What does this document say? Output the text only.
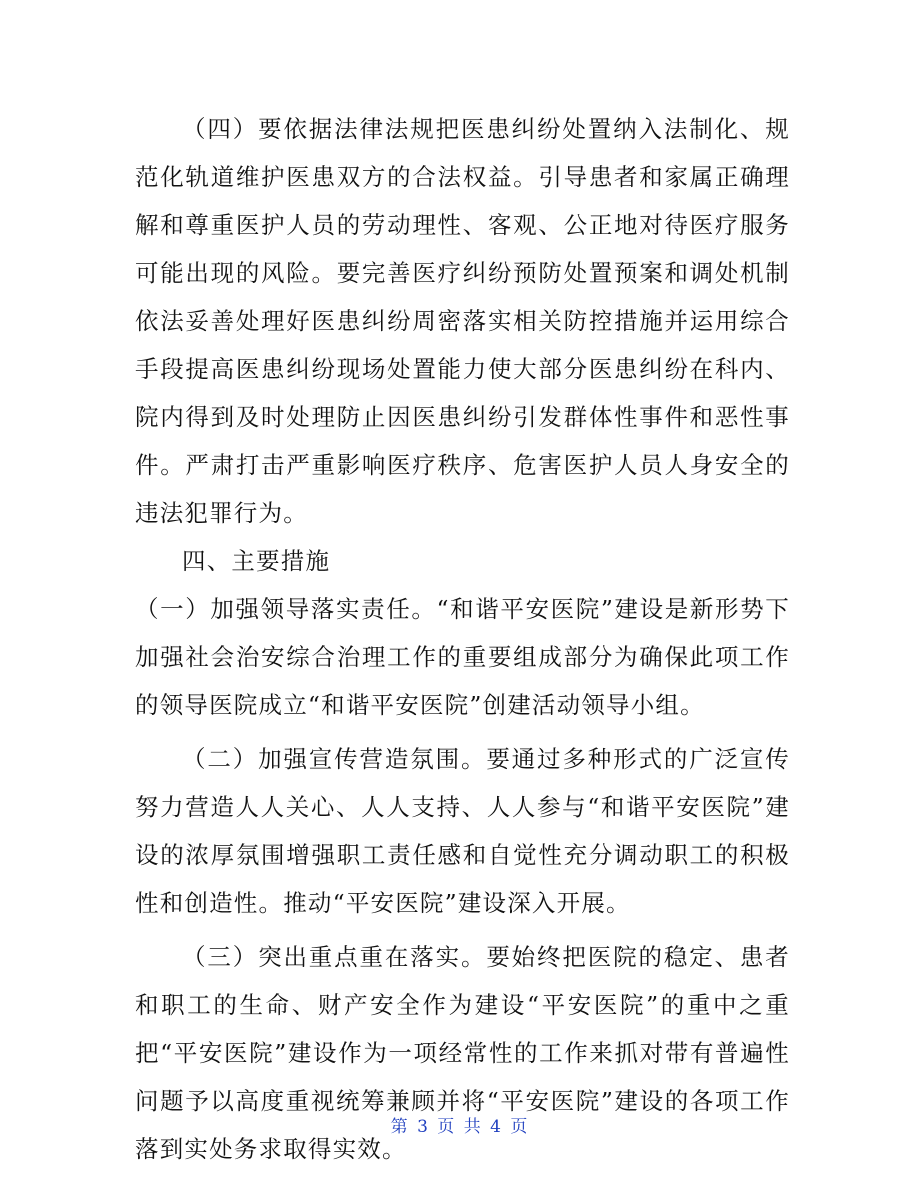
（四）要依据法律法规把医患纠纷处置纳入法制化、规范化轨道维护医患双方的合法权益。引导患者和家属正确理解和尊重医护人员的劳动理性、客观、公正地对待医疗服务可能出现的风险。要完善医疗纠纷预防处置预案和调处机制依法妥善处理好医患纠纷周密落实相关防控措施并运用综合手段提高医患纠纷现场处置能力使大部分医患纠纷在科内、院内得到及时处理防止因医患纠纷引发群体性事件和恶性事件。严肃打击严重影响医疗秩序、危害医护人员人身安全的违法犯罪行为。

四、主要措施

（一）加强领导落实责任。“和谐平安医院”建设是新形势下加强社会治安综合治理工作的重要组成部分为确保此项工作的领导医院成立“和谐平安医院”创建活动领导小组。

（二）加强宣传营造氛围。要通过多种形式的广泛宣传努力营造人人关心、人人支持、人人参与“和谐平安医院”建设的浓厚氛围增强职工责任感和自觉性充分调动职工的积极性和创造性。推动“平安医院”建设深入开展。

（三）突出重点重在落实。要始终把医院的稳定、患者和职工的生命、财产安全作为建设“平安医院”的重中之重把“平安医院”建设作为一项经常性的工作来抓对带有普遍性问题予以高度重视统筹兼顾并将“平安医院”建设的各项工作落到实处务求取得实效。

第 3 页 共 4 页
